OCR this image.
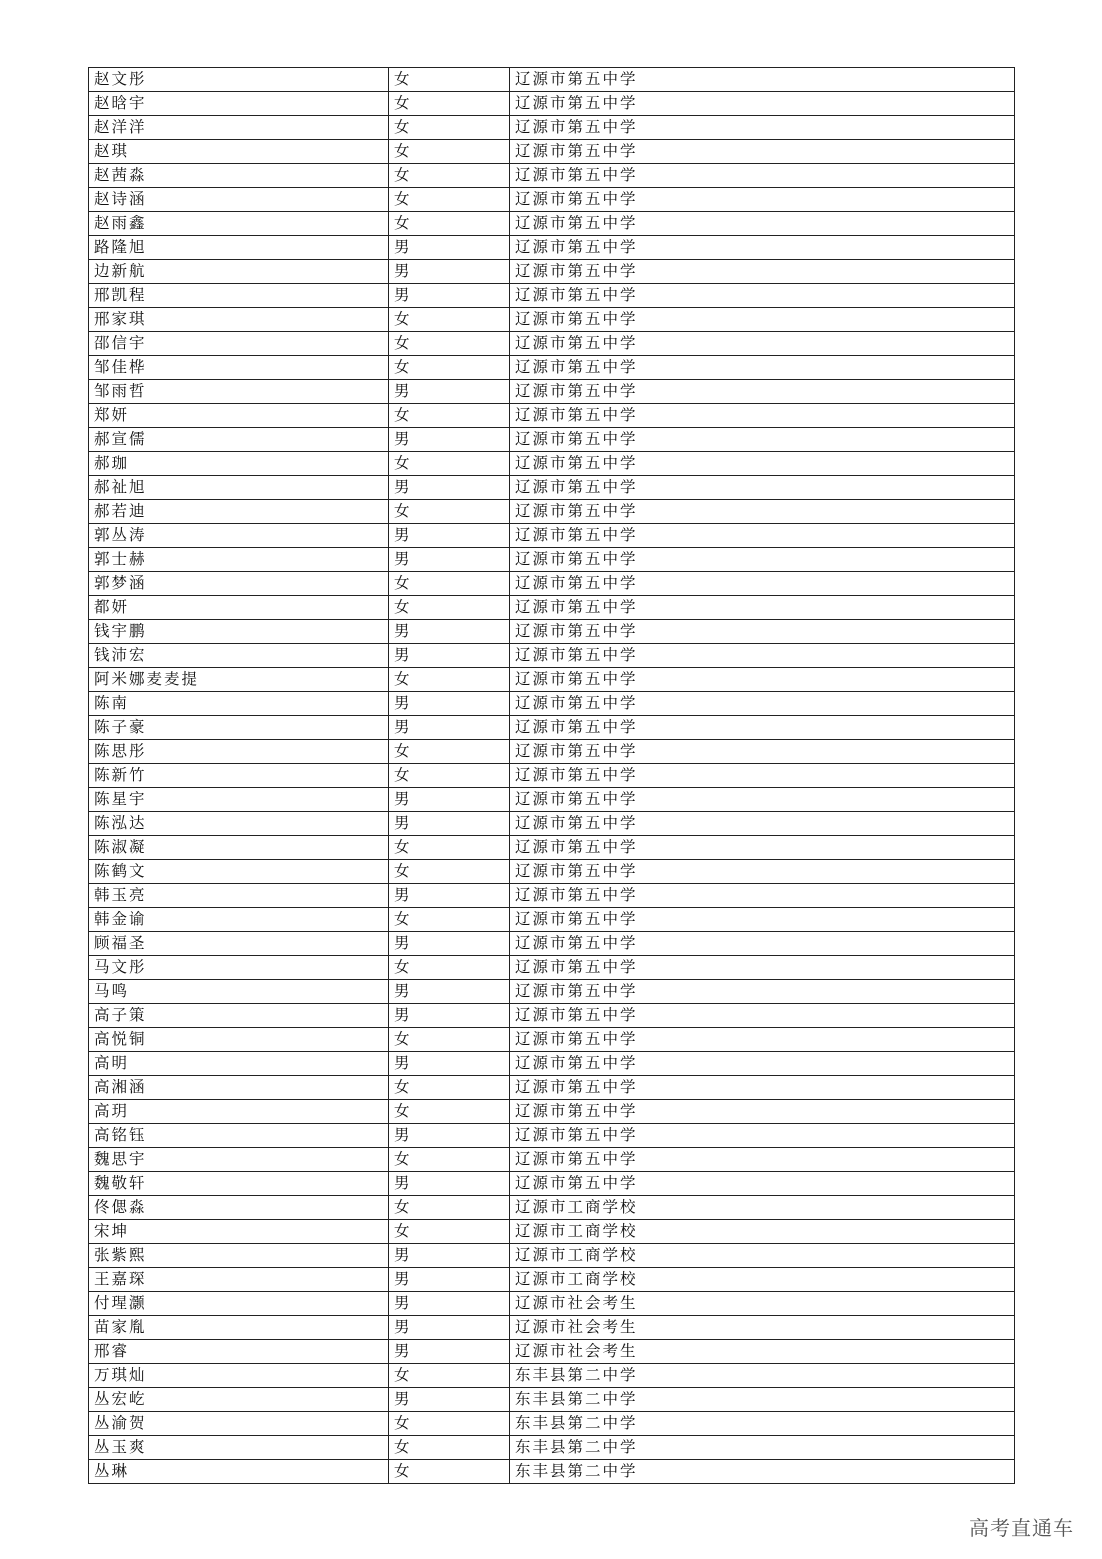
赵文彤	女	辽源市第五中学
赵晗宇	女	辽源市第五中学
赵洋洋	女	辽源市第五中学
赵琪	女	辽源市第五中学
赵茜淼	女	辽源市第五中学
赵诗涵	女	辽源市第五中学
赵雨鑫	女	辽源市第五中学
路隆旭	男	辽源市第五中学
边新航	男	辽源市第五中学
邢凯程	男	辽源市第五中学
邢家琪	女	辽源市第五中学
邵信宇	女	辽源市第五中学
邹佳桦	女	辽源市第五中学
邹雨哲	男	辽源市第五中学
郑妍	女	辽源市第五中学
郝宣儒	男	辽源市第五中学
郝珈	女	辽源市第五中学
郝祉旭	男	辽源市第五中学
郝若迪	女	辽源市第五中学
郭丛涛	男	辽源市第五中学
郭士赫	男	辽源市第五中学
郭梦涵	女	辽源市第五中学
都妍	女	辽源市第五中学
钱宇鹏	男	辽源市第五中学
钱沛宏	男	辽源市第五中学
阿米娜麦麦提	女	辽源市第五中学
陈南	男	辽源市第五中学
陈子豪	男	辽源市第五中学
陈思彤	女	辽源市第五中学
陈新竹	女	辽源市第五中学
陈星宇	男	辽源市第五中学
陈泓达	男	辽源市第五中学
陈淑凝	女	辽源市第五中学
陈鹤文	女	辽源市第五中学
韩玉亮	男	辽源市第五中学
韩金谕	女	辽源市第五中学
顾福圣	男	辽源市第五中学
马文彤	女	辽源市第五中学
马鸣	男	辽源市第五中学
高子策	男	辽源市第五中学
高悦铜	女	辽源市第五中学
高明	男	辽源市第五中学
高湘涵	女	辽源市第五中学
高玥	女	辽源市第五中学
高铭钰	男	辽源市第五中学
魏思宇	女	辽源市第五中学
魏敬轩	男	辽源市第五中学
佟偲淼	女	辽源市工商学校
宋坤	女	辽源市工商学校
张紫熙	男	辽源市工商学校
王嘉琛	男	辽源市工商学校
付瑆灏	男	辽源市社会考生
苗家胤	男	辽源市社会考生
邢睿	男	辽源市社会考生
万琪灿	女	东丰县第二中学
丛宏屹	男	东丰县第二中学
丛渝贺	女	东丰县第二中学
丛玉爽	女	东丰县第二中学
丛琳	女	东丰县第二中学
高考直通车
